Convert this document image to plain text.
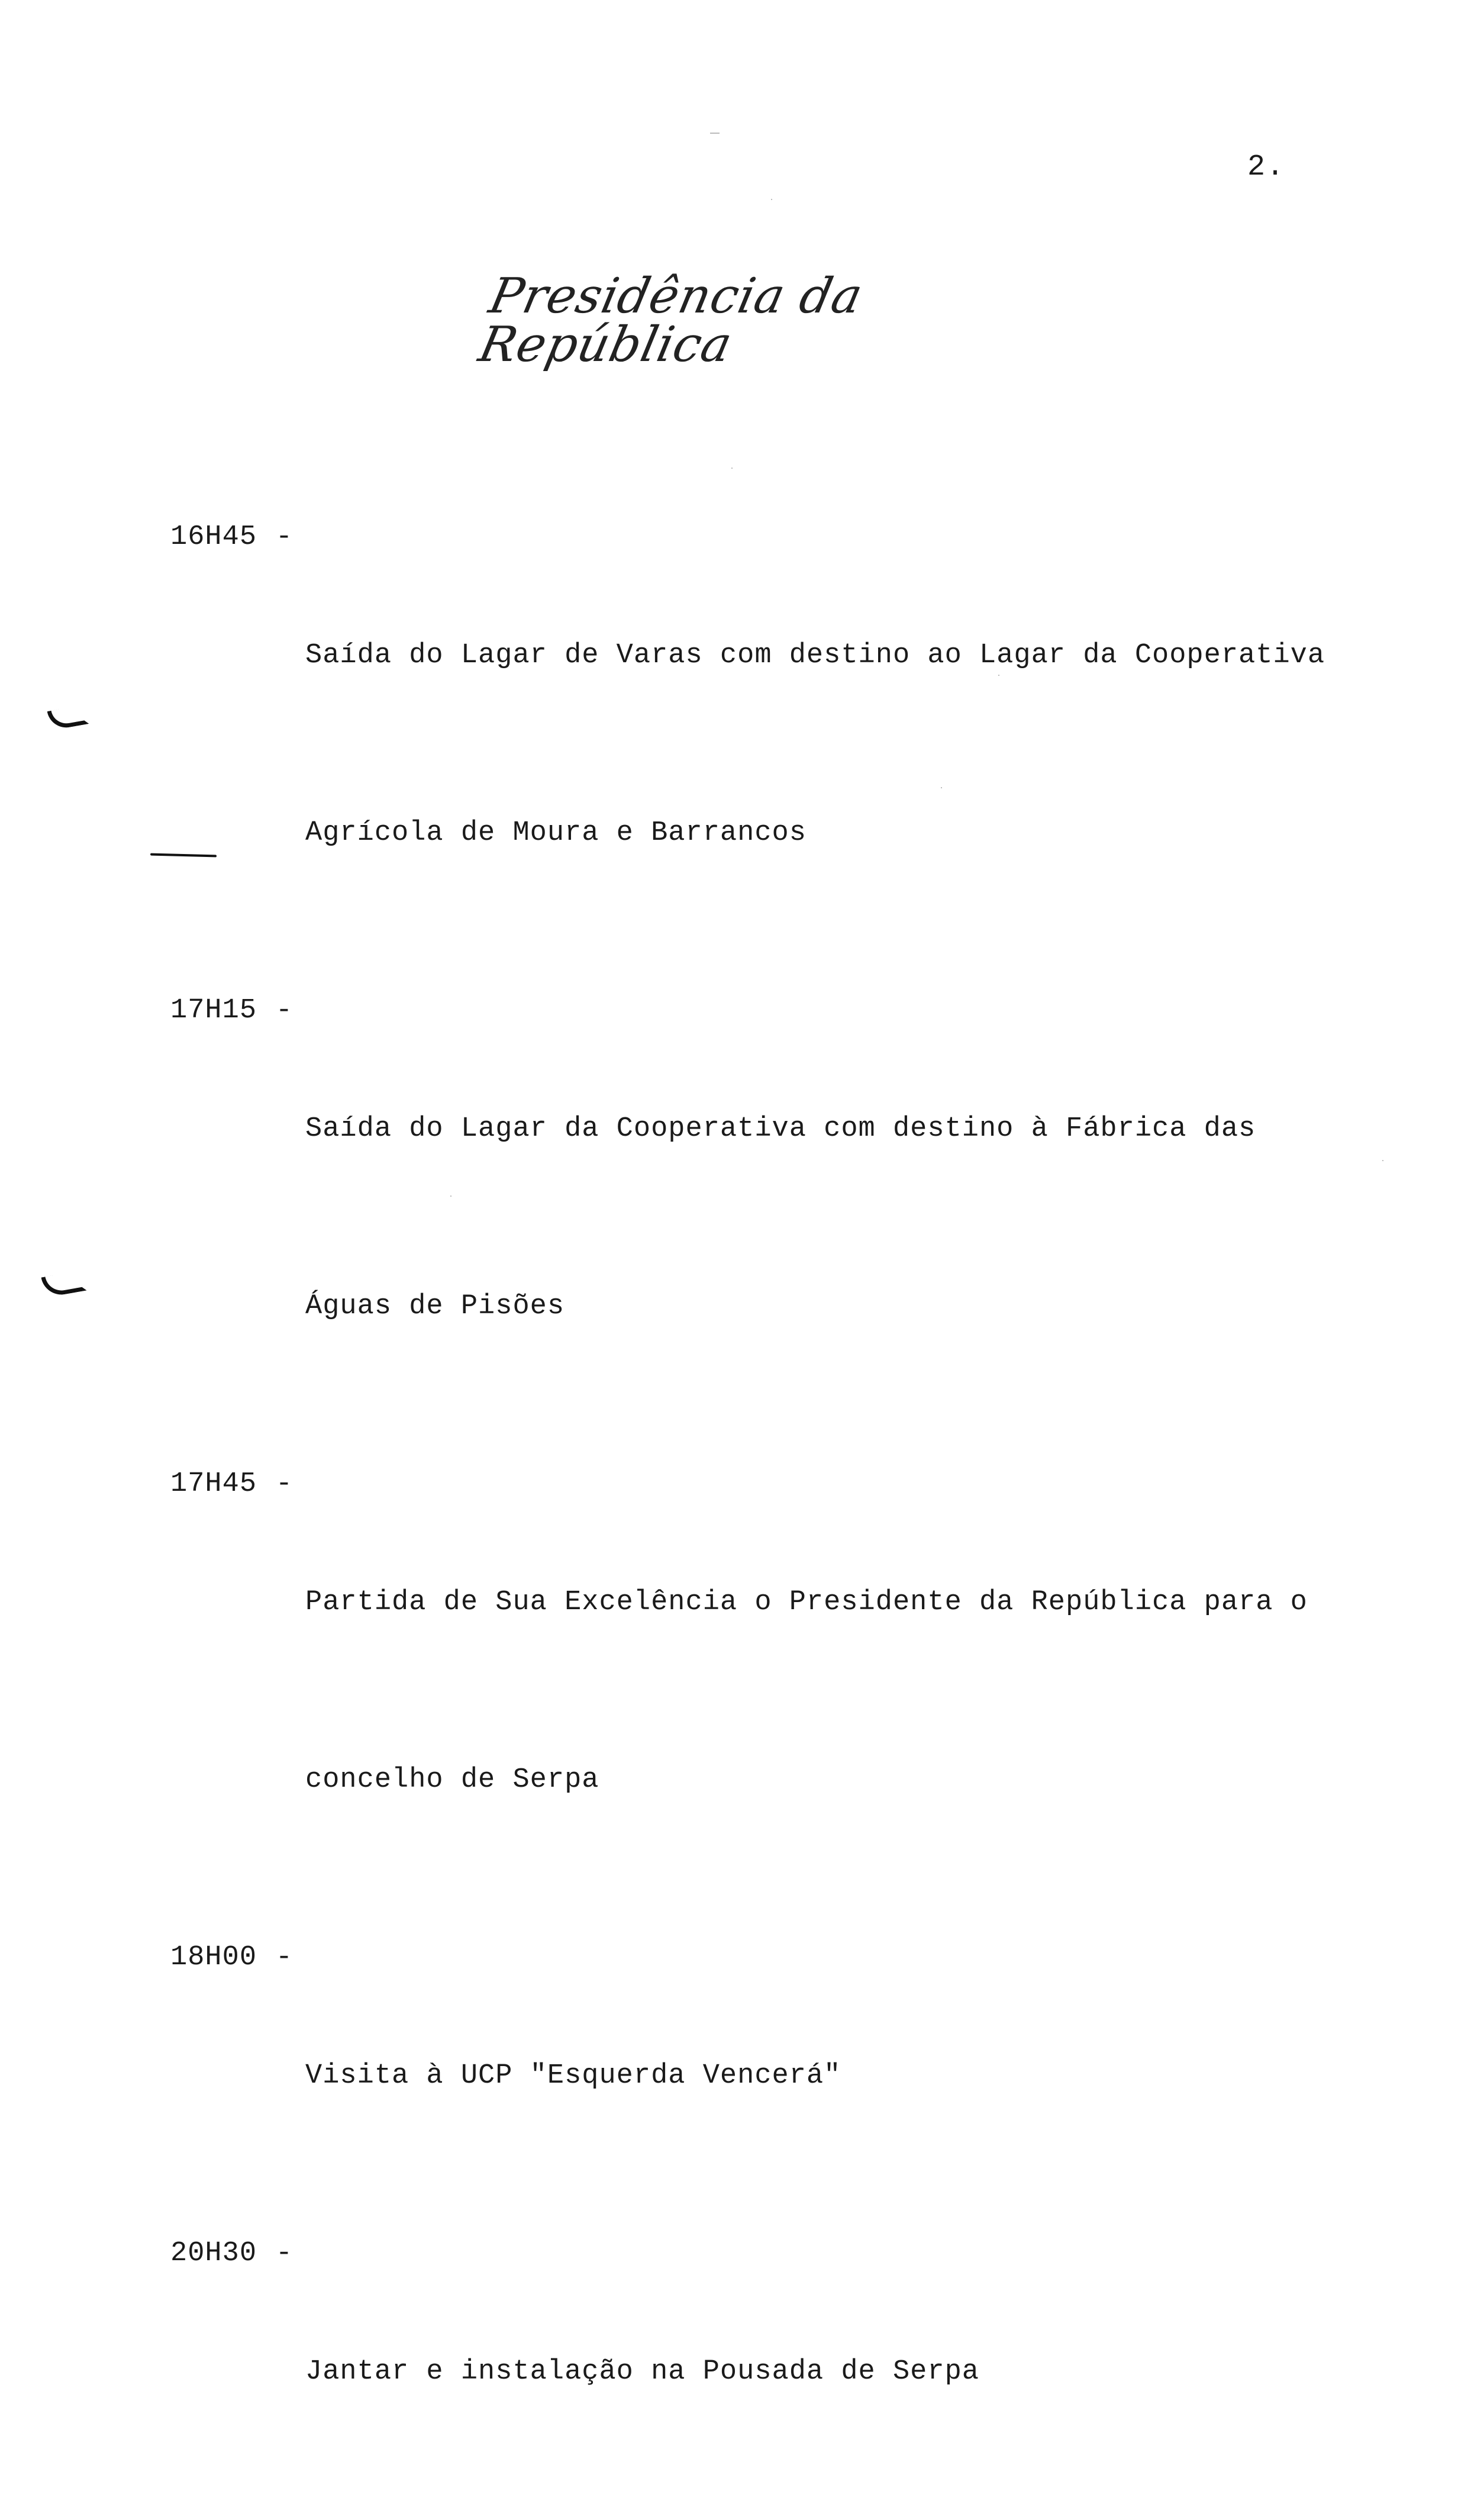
2.
Presidência da República
16H45 -

Saída do Lagar de Varas com destino ao Lagar da Cooperativa

Agrícola de Moura e Barrancos

17H15 -

Saída do Lagar da Cooperativa com destino à Fábrica das

Águas de Pisões

17H45 -

Partida de Sua Excelência o Presidente da República para o

concelho de Serpa

18H00 -

Visita à UCP "Esquerda Vencerá"

20H30 -

Jantar e instalação na Pousada de Serpa
